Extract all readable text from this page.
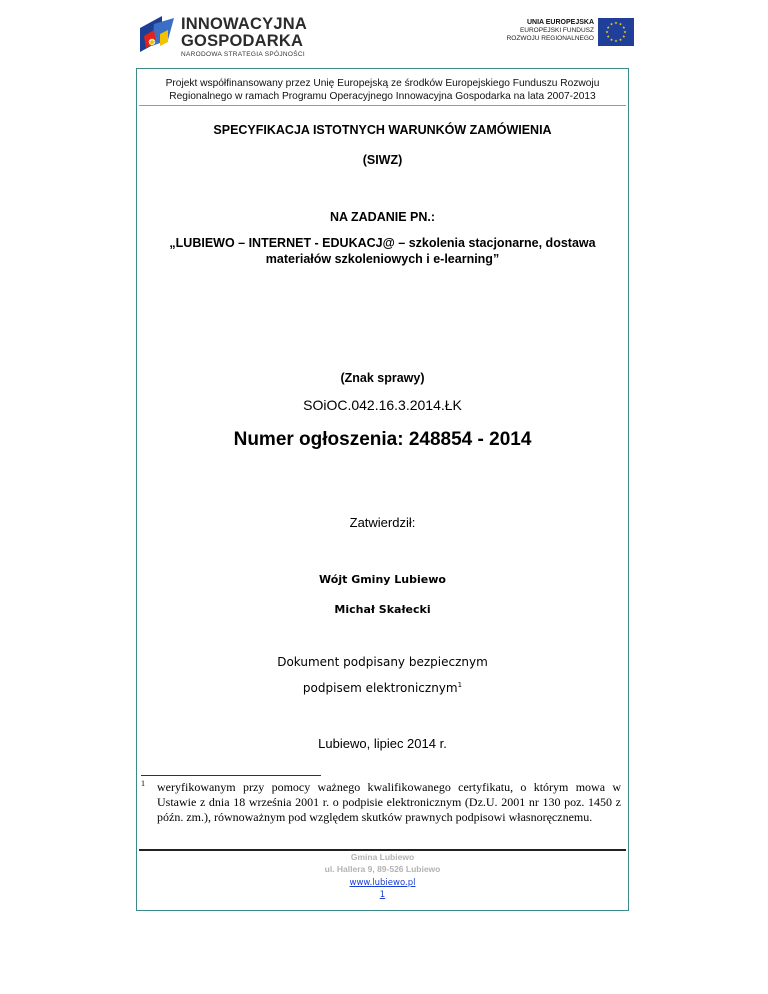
INNOWACYJNA
GOSPODARKA
NARODOWA STRATEGIA SPÓJNOŚCI
UNIA EUROPEJSKA
EUROPEJSKI FUNDUSZ
ROZWOJU REGIONALNEGO
Projekt współfinansowany przez Unię Europejską ze środków Europejskiego Funduszu Rozwoju
Regionalnego w ramach Programu Operacyjnego Innowacyjna Gospodarka na lata 2007-2013
SPECYFIKACJA ISTOTNYCH WARUNKÓW ZAMÓWIENIA
(SIWZ)
NA ZADANIE PN.:
„LUBIEWO – INTERNET - EDUKACJ@ – szkolenia stacjonarne, dostawa
materiałów szkoleniowych i e-learning”
(Znak sprawy)
SOiOC.042.16.3.2014.ŁK
Numer ogłoszenia: 248854 - 2014
Zatwierdził:
Wójt Gminy Lubiewo
Michał Skałecki
Dokument podpisany bezpiecznym
podpisem elektronicznym$^1$
Lubiewo, lipiec 2014 r.
1 weryfikowanym przy pomocy ważnego kwalifikowanego certyfikatu, o którym mowa w Ustawie z dnia 18 września 2001 r. o podpisie elektronicznym (Dz.U. 2001 nr 130 poz. 1450 z późn. zm.), równoważnym pod względem skutków prawnych podpisowi własnoręcznemu.
Gmina Lubiewo
ul. Hallera 9, 89-526 Lubiewo
www.lubiewo.pl
1
